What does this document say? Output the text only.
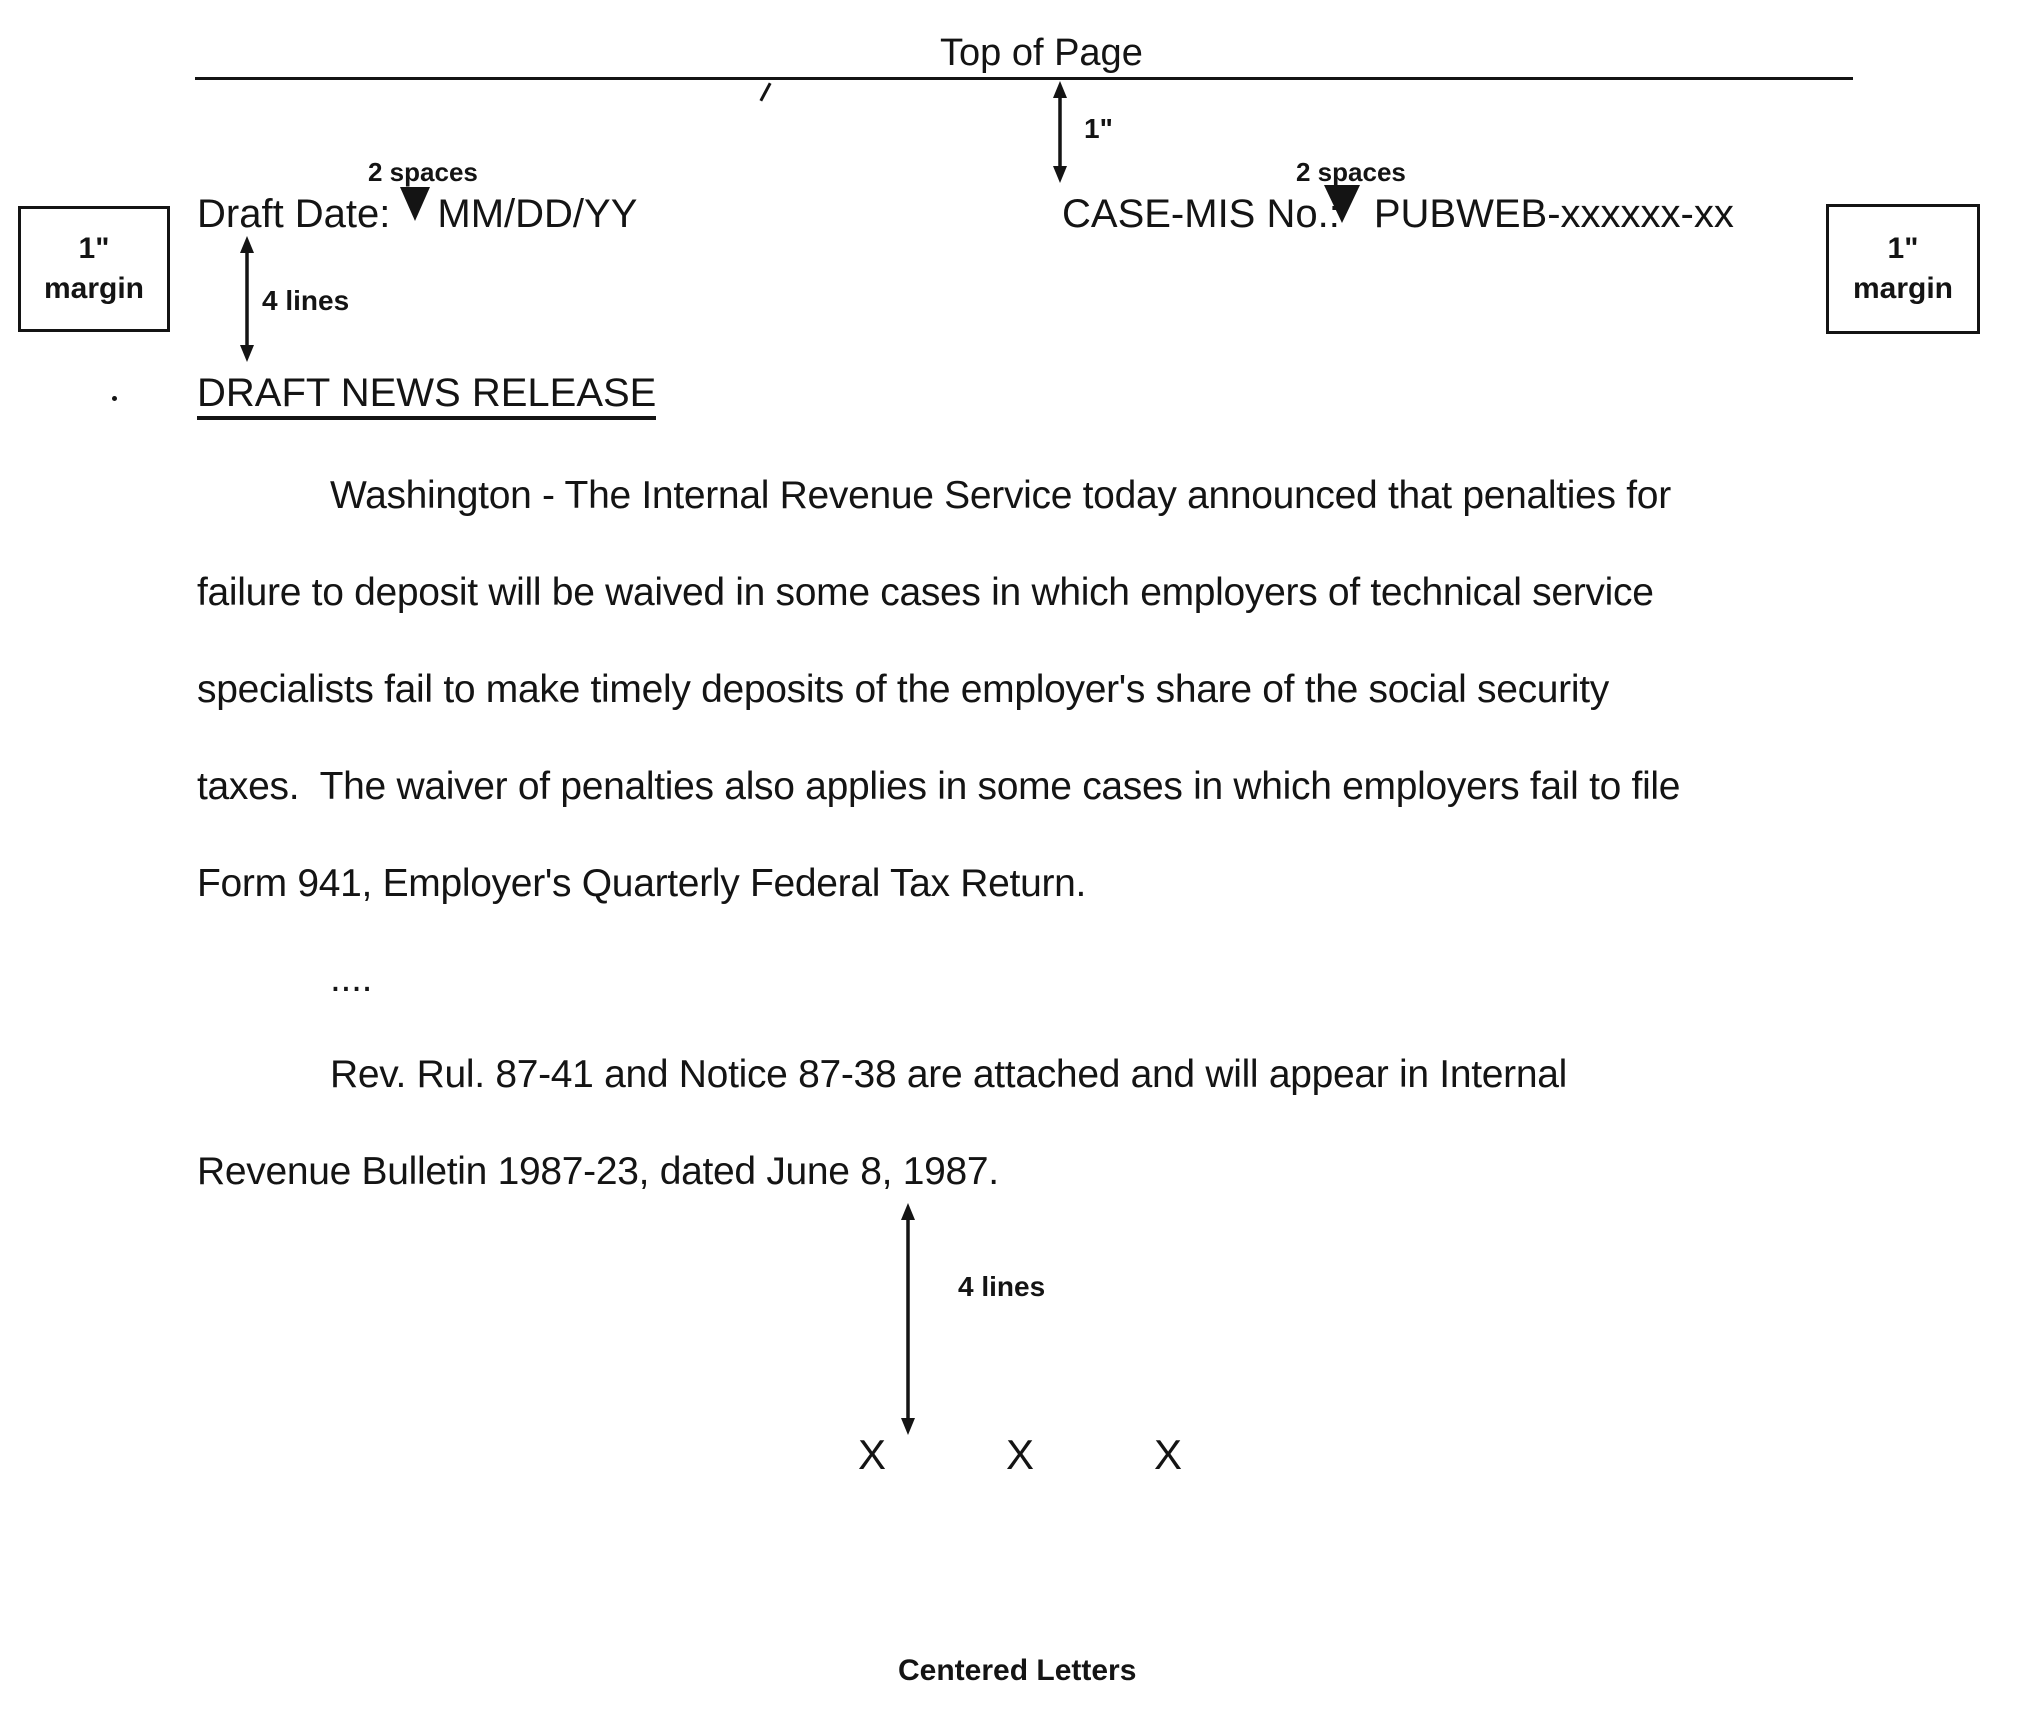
Top of Page
1"
2 spaces
Draft Date: MM/DD/YY
2 spaces
CASE-MIS No.: PUBWEB-xxxxxx-xx
1"
margin
1"
margin
4 lines
DRAFT NEWS RELEASE
Washington - The Internal Revenue Service today announced that penalties for
failure to deposit will be waived in some cases in which employers of technical service
specialists fail to make timely deposits of the employer's share of the social security
taxes.  The waiver of penalties also applies in some cases in which employers fail to file
Form 941, Employer's Quarterly Federal Tax Return.
....
Rev. Rul. 87-41 and Notice 87-38 are attached and will appear in Internal
Revenue Bulletin 1987-23, dated June 8, 1987.
4 lines
X	X	X
Centered Letters
